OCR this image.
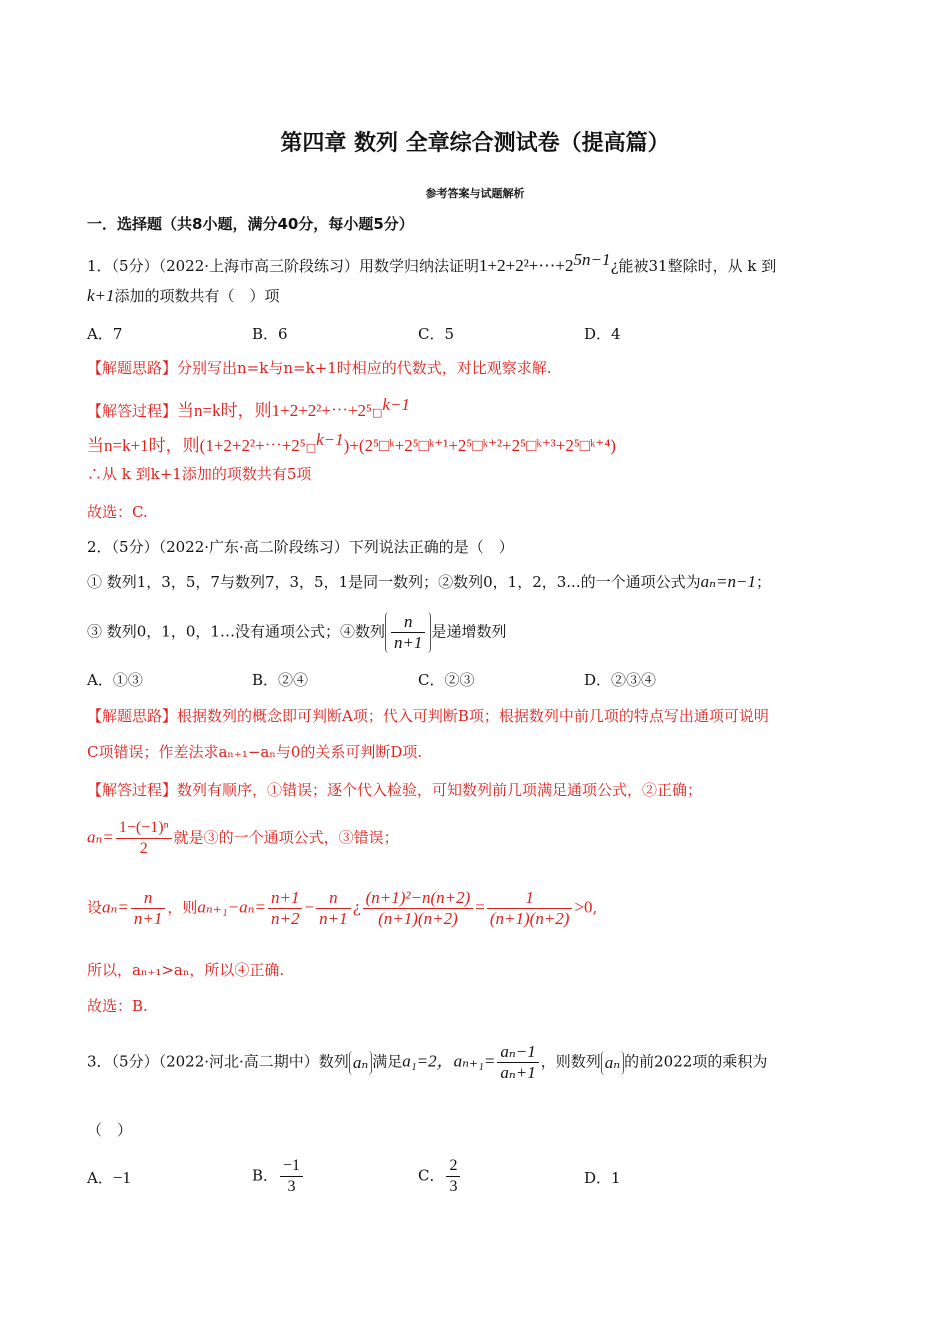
第四章 数列 全章综合测试卷（提高篇）
参考答案与试题解析
一．选择题（共8小题，满分40分，每小题5分）
1．（5分）（2022·上海市高三阶段练习）用数学归纳法证明$1+2+2^2+\cdots+2^{5n-1}¿$能被31整除时，从 k 到
k+1添加的项数共有（　）项
A．7	B．6	C．5	D．4
【解题思路】分别写出n=k与n=k+1时相应的代数式，对比观察求解.
【解答过程】当n=k时，则1+2+2²+⋯+2⁵□$^{k-1}$
当n=k+1时，则(1+2+2²+⋯+2⁵□$^{k-1}$)+(2⁵□ᵏ+2⁵□ᵏ⁺¹+2⁵□ᵏ⁺²+2⁵□ᵏ⁺³+2⁵□ᵏ⁺⁴)
∴从 k 到k+1添加的项数共有5项
故选：C.
2．（5分）（2022·广东·高二阶段练习）下列说法正确的是（　）
① 数列1，3，5，7与数列7，3，5，1是同一数列；②数列0，1，2，3...的一个通项公式为aₙ=n−1；
③ 数列0，1，0，1…没有通项公式；④数列 $\frac{n}{n+1}$ 是递增数列
A．①③	B．②④	C．②③	D．②③④
【解题思路】根据数列的概念即可判断A项；代入可判断B项；根据数列中前几项的特点写出通项可说明
C项错误；作差法求aₙ₊₁−aₙ与0的关系可判断D项.
【解答过程】数列有顺序，①错误；逐个代入检验，可知数列前几项满足通项公式，②正确；
$a_n= \frac{\text{1−(−1)ⁿ}}{2}$ 就是③的一个通项公式，③错误；
设$a_n= \frac{n}{n+1}$ ，则$a_{n+1}-a_n= \frac{n+1}{n+2} - \frac{n}{n+1}$ ¿ $\frac{\text{(n+1)²−n(n+2)}}{(n+1)(n+2)} = \frac{1}{(n+1)(n+2)} >0$,
所以，aₙ₊₁>aₙ，所以④正确.
故选：B.
3．（5分）（2022·河北·高二期中）数列 aₙ 满足a₁=2，$a_{n+1}= \frac{\text{aₙ−1}}{\text{aₙ+1}}$ ，则数列 aₙ 的前2022项的乘积为
（　）
A．−1	B． $\frac{-1}{3}$	C． $\frac{2}{3}$	D．1
